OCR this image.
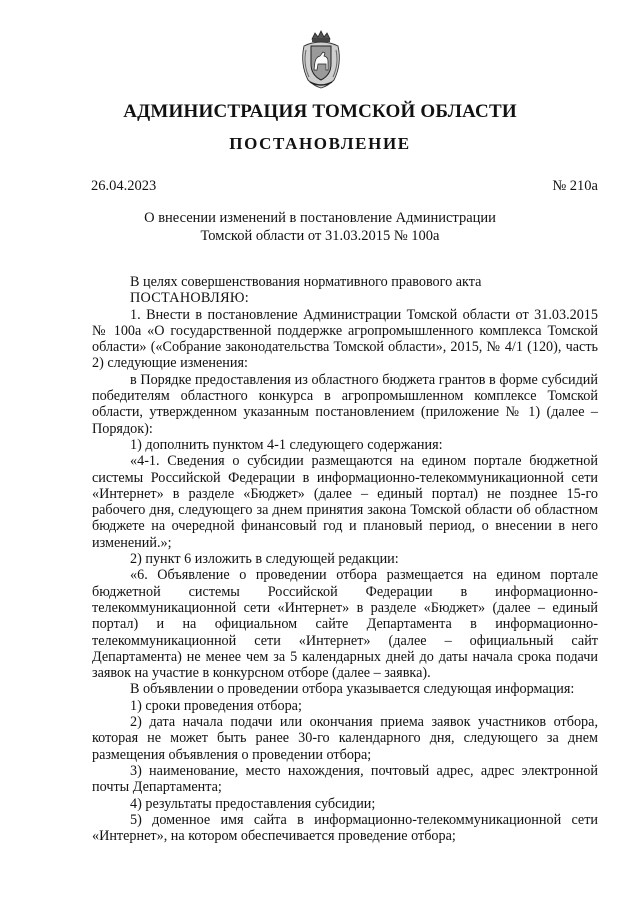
АДМИНИСТРАЦИЯ ТОМСКОЙ ОБЛАСТИ
ПОСТАНОВЛЕНИЕ
26.04.2023	№ 210а
О внесении изменений в постановление Администрации
Томской области от 31.03.2015 № 100а

В целях совершенствования нормативного правового акта

ПОСТАНОВЛЯЮ:

1. Внести в постановление Администрации Томской области от 31.03.2015 № 100а «О государственной поддержке агропромышленного комплекса Томской области» («Собрание законодательства Томской области», 2015, № 4/1 (120), часть 2) следующие изменения:

в Порядке предоставления из областного бюджета грантов в форме субсидий победителям областного конкурса в агропромышленном комплексе Томской области, утвержденном указанным постановлением (приложение № 1) (далее – Порядок):

1) дополнить пунктом 4-1 следующего содержания:

«4-1. Сведения о субсидии размещаются на едином портале бюджетной системы Российской Федерации в информационно-телекоммуникационной сети «Интернет» в разделе «Бюджет» (далее – единый портал) не позднее 15-го рабочего дня, следующего за днем принятия закона Томской области об областном бюджете на очередной финансовый год и плановый период, о внесении в него изменений.»;

2) пункт 6 изложить в следующей редакции:

«6. Объявление о проведении отбора размещается на едином портале бюджетной системы Российской Федерации в информационно-телекоммуникационной сети «Интернет» в разделе «Бюджет» (далее – единый портал) и на официальном сайте Департамента в информационно-телекоммуникационной сети «Интернет» (далее – официальный сайт Департамента) не менее чем за 5 календарных дней до даты начала срока подачи заявок на участие в конкурсном отборе (далее – заявка).

В объявлении о проведении отбора указывается следующая информация:

1) сроки проведения отбора;

2) дата начала подачи или окончания приема заявок участников отбора, которая не может быть ранее 30-го календарного дня, следующего за днем размещения объявления о проведении отбора;

3) наименование, место нахождения, почтовый адрес, адрес электронной почты Департамента;

4) результаты предоставления субсидии;

5) доменное имя сайта в информационно-телекоммуникационной сети «Интернет», на котором обеспечивается проведение отбора;
